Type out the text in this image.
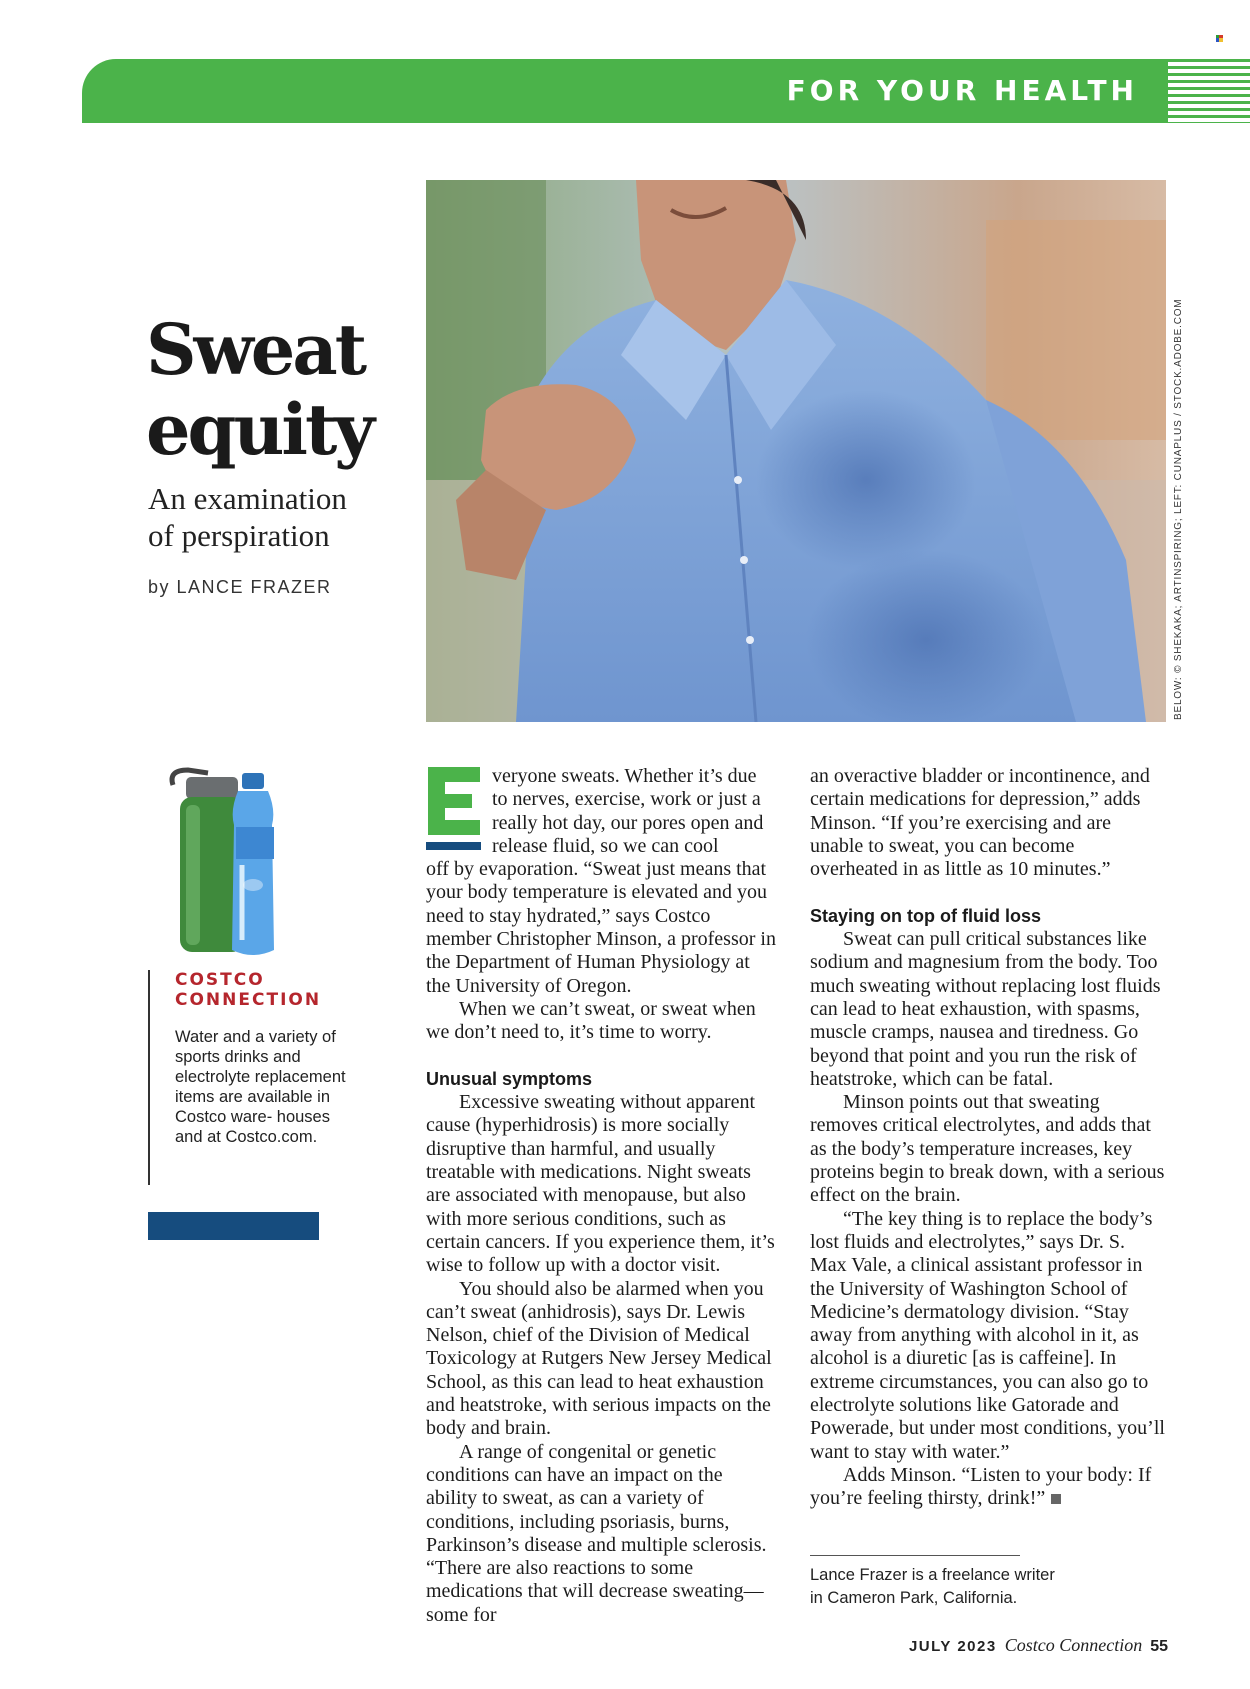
FOR YOUR HEALTH
Sweat
equity
An examination
of perspiration
by LANCE FRAZER	BELOW: © SHEKAKA; ARTINSPIRING; LEFT: CUNAPLUS / STOCK.ADOBE.COM
COSTCO
CONNECTION
Water and a variety of sports drinks and electrolyte replacement items are available in Costco ware- houses and at Costco.com.

veryone sweats. Whether it’s due to nerves, exercise, work or just a really hot day, our pores open and release fluid, so we can cool

off by evaporation. “Sweat just means that your body temperature is elevated and you need to stay hydrated,” says Costco member Christopher Minson, a professor in the Department of Human Physiology at the University of Oregon.

When we can’t sweat, or sweat when we don’t need to, it’s time to worry.

Unusual symptoms

Excessive sweating without apparent cause (hyperhidrosis) is more socially disruptive than harmful, and usually treatable with medications. Night sweats are associated with menopause, but also with more serious conditions, such as certain cancers. If you experience them, it’s wise to follow up with a doctor visit.

You should also be alarmed when you can’t sweat (anhidrosis), says Dr. Lewis Nelson, chief of the Division of Medical Toxicology at Rutgers New Jersey Medical School, as this can lead to heat exhaustion and heatstroke, with serious impacts on the body and brain.

A range of congenital or genetic conditions can have an impact on the ability to sweat, as can a variety of conditions, including psoriasis, burns, Parkinson’s disease and multiple sclerosis. “There are also reactions to some medications that will decrease sweating—some for

an overactive bladder or incontinence, and certain medications for depression,” adds Minson. “If you’re exercising and are unable to sweat, you can become overheated in as little as 10 minutes.”

Staying on top of fluid loss

Sweat can pull critical substances like sodium and magnesium from the body. Too much sweating without replacing lost fluids can lead to heat exhaustion, with spasms, muscle cramps, nausea and tiredness. Go beyond that point and you run the risk of heatstroke, which can be fatal.

Minson points out that sweating removes critical electrolytes, and adds that as the body’s temperature increases, key proteins begin to break down, with a serious effect on the brain.

“The key thing is to replace the body’s lost fluids and electrolytes,” says Dr. S. Max Vale, a clinical assistant professor in the University of Washington School of Medicine’s dermatology division. “Stay away from anything with alcohol in it, as alcohol is a diuretic [as is caffeine]. In extreme circumstances, you can also go to electrolyte solutions like Gatorade and Powerade, but under most conditions, you’ll want to stay with water.”

Adds Minson. “Listen to your body: If you’re feeling thirsty, drink!”

Lance Frazer is a freelance writer
in Cameron Park, California.
JULY 2023 Costco Connection 55
